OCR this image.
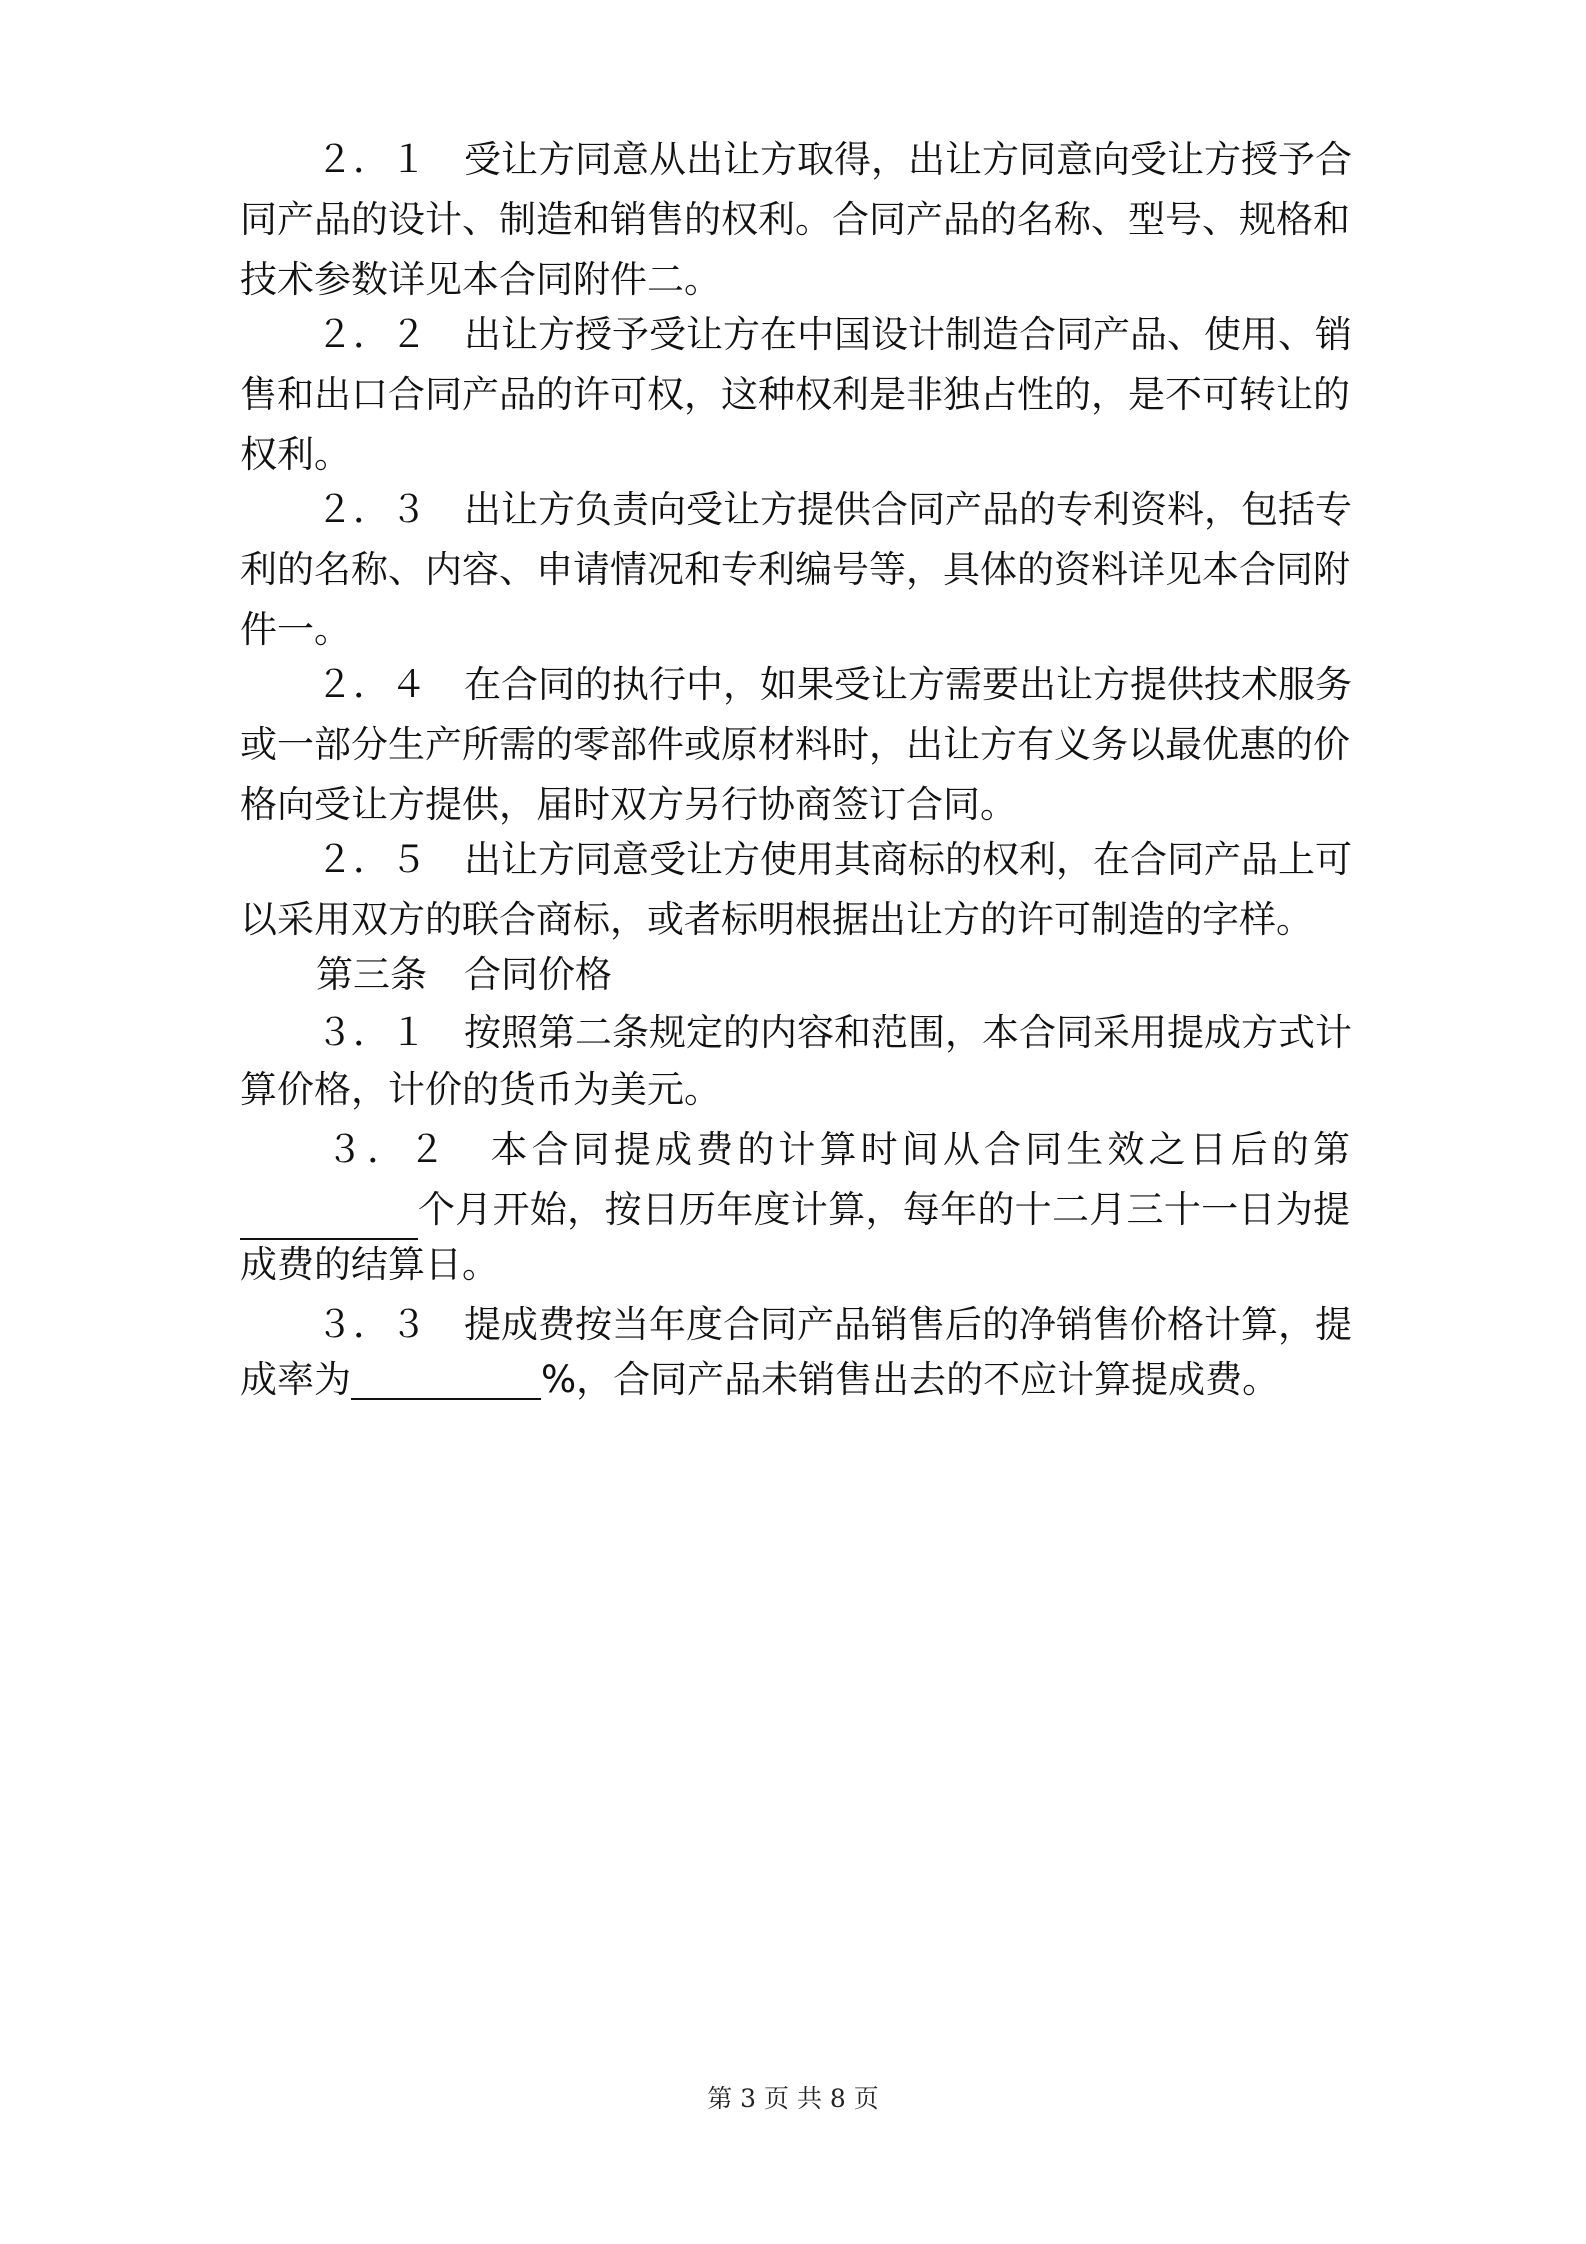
２．１　受让方同意从出让方取得，出让方同意向受让方授予合
同产品的设计、制造和销售的权利。合同产品的名称、型号、规格和
技术参数详见本合同附件二。
２．２　出让方授予受让方在中国设计制造合同产品、使用、销
售和出口合同产品的许可权，这种权利是非独占性的，是不可转让的
权利。
２．３　出让方负责向受让方提供合同产品的专利资料，包括专
利的名称、内容、申请情况和专利编号等，具体的资料详见本合同附
件一。
２．４　在合同的执行中，如果受让方需要出让方提供技术服务
或一部分生产所需的零部件或原材料时，出让方有义务以最优惠的价
格向受让方提供，届时双方另行协商签订合同。
２．５　出让方同意受让方使用其商标的权利，在合同产品上可
以采用双方的联合商标，或者标明根据出让方的许可制造的字样。
第三条　合同价格
３．１　按照第二条规定的内容和范围，本合同采用提成方式计
算价格，计价的货币为美元。
３．２　本合同提成费的计算时间从合同生效之日后的第
个月开始，按日历年度计算，每年的十二月三十一日为提
成费的结算日。
３．３　提成费按当年度合同产品销售后的净销售价格计算，提
成率为	%，合同产品未销售出去的不应计算提成费。
第 3 页 共 8 页
